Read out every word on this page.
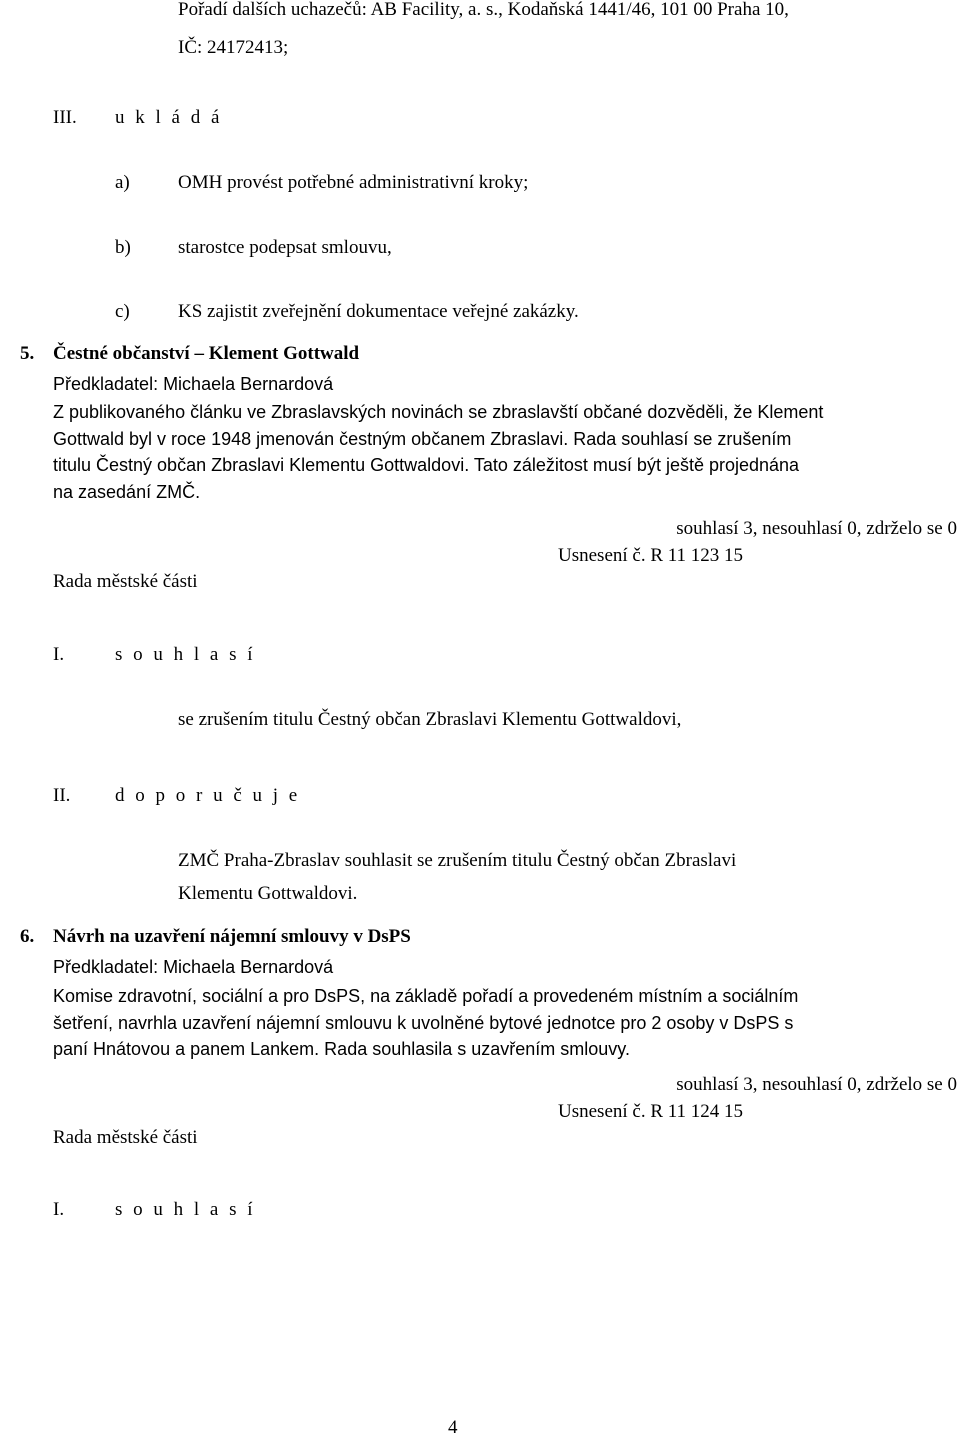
Pořadí dalších uchazečů: AB Facility, a. s., Kodaňská 1441/46, 101 00 Praha 10,
IČ: 24172413;
III. u k l á d á
a)	OMH provést potřebné administrativní kroky;
b) starostce podepsat smlouvu,
c)	KS zajistit zveřejnění dokumentace veřejné zakázky.
5. Čestné občanství – Klement Gottwald
Předkladatel: Michaela Bernardová
Z publikovaného článku ve Zbraslavských novinách se zbraslavští občané dozvěděli, že Klement
Gottwald byl v roce 1948 jmenován čestným občanem Zbraslavi. Rada souhlasí se zrušením
titulu Čestný občan Zbraslavi Klementu Gottwaldovi. Tato záležitost musí být ještě projednána
na zasedání ZMČ.
souhlasí 3, nesouhlasí 0, zdrželo se 0
Usnesení č. R 11 123 15
Rada městské části
I.	s o u h l a s í
se zrušením titulu Čestný občan Zbraslavi Klementu Gottwaldovi,
II. d o p o r u č u j e
ZMČ Praha-Zbraslav souhlasit se zrušením titulu Čestný občan Zbraslavi
Klementu Gottwaldovi.
6. Návrh na uzavření nájemní smlouvy v DsPS
Předkladatel: Michaela Bernardová
Komise zdravotní, sociální a pro DsPS, na základě pořadí a provedeném místním a sociálním
šetření, navrhla uzavření nájemní smlouvu k uvolněné bytové jednotce pro 2 osoby v DsPS s
paní Hnátovou a panem Lankem. Rada souhlasila s uzavřením smlouvy.
souhlasí 3, nesouhlasí 0, zdrželo se 0
Usnesení č. R 11 124 15
Rada městské části
I.	s o u h l a s í
4
